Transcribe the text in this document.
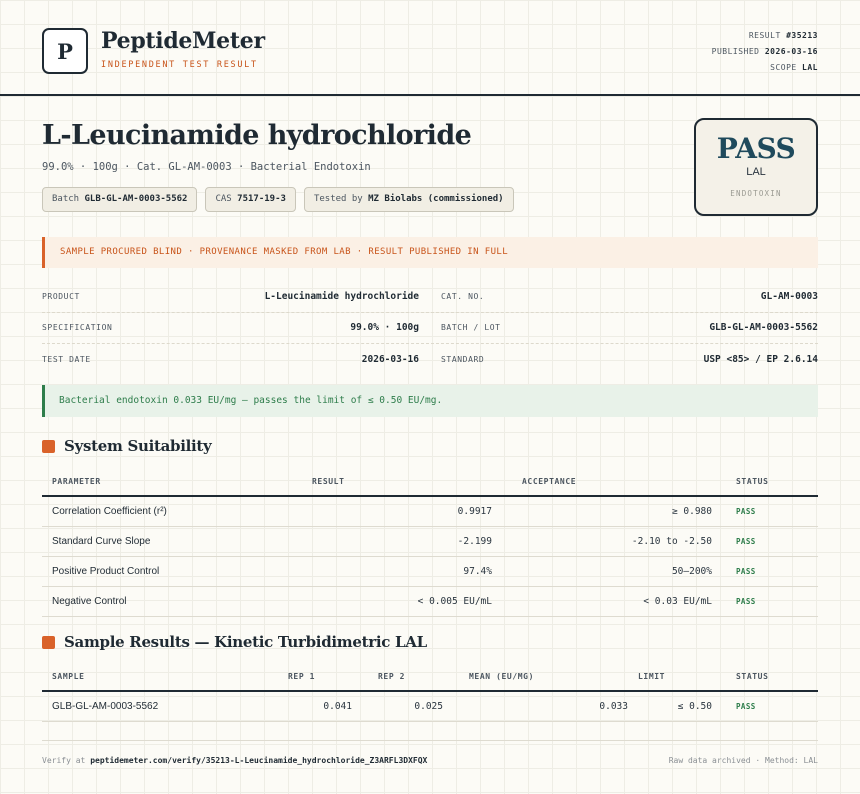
P	PeptideMeter
INDEPENDENT TEST RESULT
RESULT #35213
PUBLISHED 2026-03-16
SCOPE LAL
L-Leucinamide hydrochloride
99.0% · 100g · Cat. GL-AM-0003 · Bacterial Endotoxin
Batch GLB-GL-AM-0003-5562	CAS 7517-19-3	Tested by MZ Biolabs (commissioned)
PASS
LAL
ENDOTOXIN
SAMPLE PROCURED BLIND · PROVENANCE MASKED FROM LAB · RESULT PUBLISHED IN FULL
PRODUCT	L-Leucinamide hydrochloride	CAT. NO.	GL-AM-0003
SPECIFICATION	99.0% · 100g	BATCH / LOT	GLB-GL-AM-0003-5562
TEST DATE	2026-03-16	STANDARD	USP <85> / EP 2.6.14
Bacterial endotoxin 0.033 EU/mg — passes the limit of ≤ 0.50 EU/mg.
System Suitability
PARAMETER	RESULT	ACCEPTANCE	STATUS
Correlation Coefficient (r²)	0.9917	≥ 0.980	PASS
Standard Curve Slope	-2.199	-2.10 to -2.50	PASS
Positive Product Control	97.4%	50–200%	PASS
Negative Control	< 0.005 EU/mL	< 0.03 EU/mL	PASS
Sample Results — Kinetic Turbidimetric LAL
SAMPLE	REP 1	REP 2	MEAN (EU/MG)	LIMIT	STATUS
GLB-GL-AM-0003-5562	0.041	0.025	0.033	≤ 0.50	PASS
Verify at peptidemeter.com/verify/35213-L-Leucinamide_hydrochloride_Z3ARFL3DXFQX	Raw data archived · Method: LAL
